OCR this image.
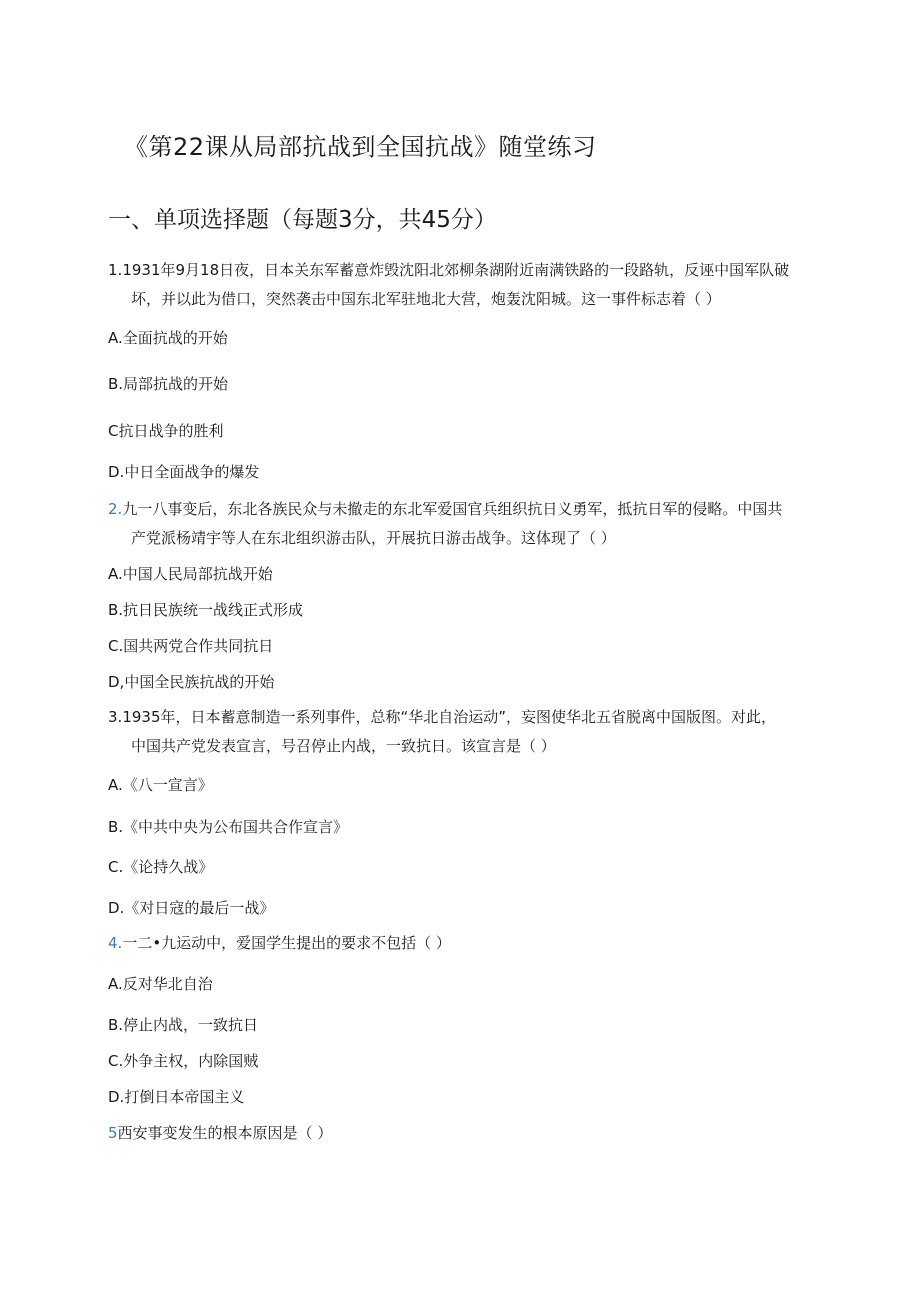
《第22课从局部抗战到全国抗战》随堂练习
一、单项选择题（每题3分，共45分）
1.1931年9月18日夜，日本关东军蓄意炸毁沈阳北郊柳条湖附近南满铁路的一段路轨，反诬中国军队破
坏，并以此为借口，突然袭击中国东北军驻地北大营，炮轰沈阳城。这一事件标志着（ ）
A.全面抗战的开始
B.局部抗战的开始
C抗日战争的胜利
D.中日全面战争的爆发
2.九一八事变后，东北各族民众与未撤走的东北军爱国官兵组织抗日义勇军，抵抗日军的侵略。中国共
产党派杨靖宇等人在东北组织游击队，开展抗日游击战争。这体现了（ ）
A.中国人民局部抗战开始
B.抗日民族统一战线正式形成
C.国共两党合作共同抗日
D,中国全民族抗战的开始
3.1935年，日本蓄意制造一系列事件，总称“华北自治运动”，妄图使华北五省脱离中国版图。对此，
中国共产党发表宣言，号召停止内战，一致抗日。该宣言是（ ）
A.《八一宣言》
B.《中共中央为公布国共合作宣言》
C.《论持久战》
D.《对日寇的最后一战》
4.一二•九运动中，爱国学生提出的要求不包括（ ）
A.反对华北自治
B.停止内战，一致抗日
C.外争主权，内除国贼
D.打倒日本帝国主义
5西安事变发生的根本原因是（ ）
